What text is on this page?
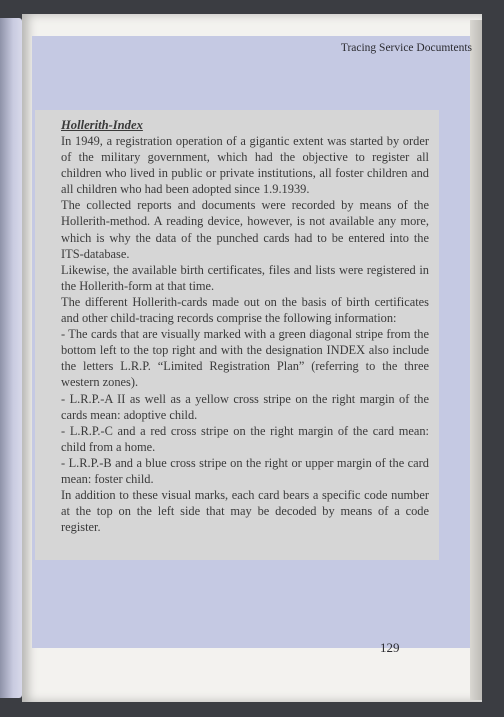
Tracing Service Documtents

Hollerith-Index

In 1949, a registration operation of a gigantic extent was started by order of the military government, which had the objective to register all children who lived in public or private institutions, all foster children and all children who had been adopted since 1.9.1939.

The collected reports and documents were recorded by means of the Hollerith-method. A reading device, however, is not available any more, which is why the data of the punched cards had to be entered into the ITS-database.

Likewise, the available birth certificates, files and lists were registered in the Hollerith-form at that time.

The different Hollerith-cards made out on the basis of birth certificates and other child-tracing records comprise the following information:

- The cards that are visually marked with a green diagonal stripe from the bottom left to the top right and with the designation INDEX also include the letters L.R.P. “Limited Registration Plan” (referring to the three western zones).

- L.R.P.-A II as well as a yellow cross stripe on the right margin of the cards mean: adoptive child.

- L.R.P.-C and a red cross stripe on the right margin of the card mean: child from a home.

- L.R.P.-B and a blue cross stripe on the right or upper margin of the card mean: foster child.

In addition to these visual marks, each card bears a specific code number at the top on the left side that may be decoded by means of a code register.

129
